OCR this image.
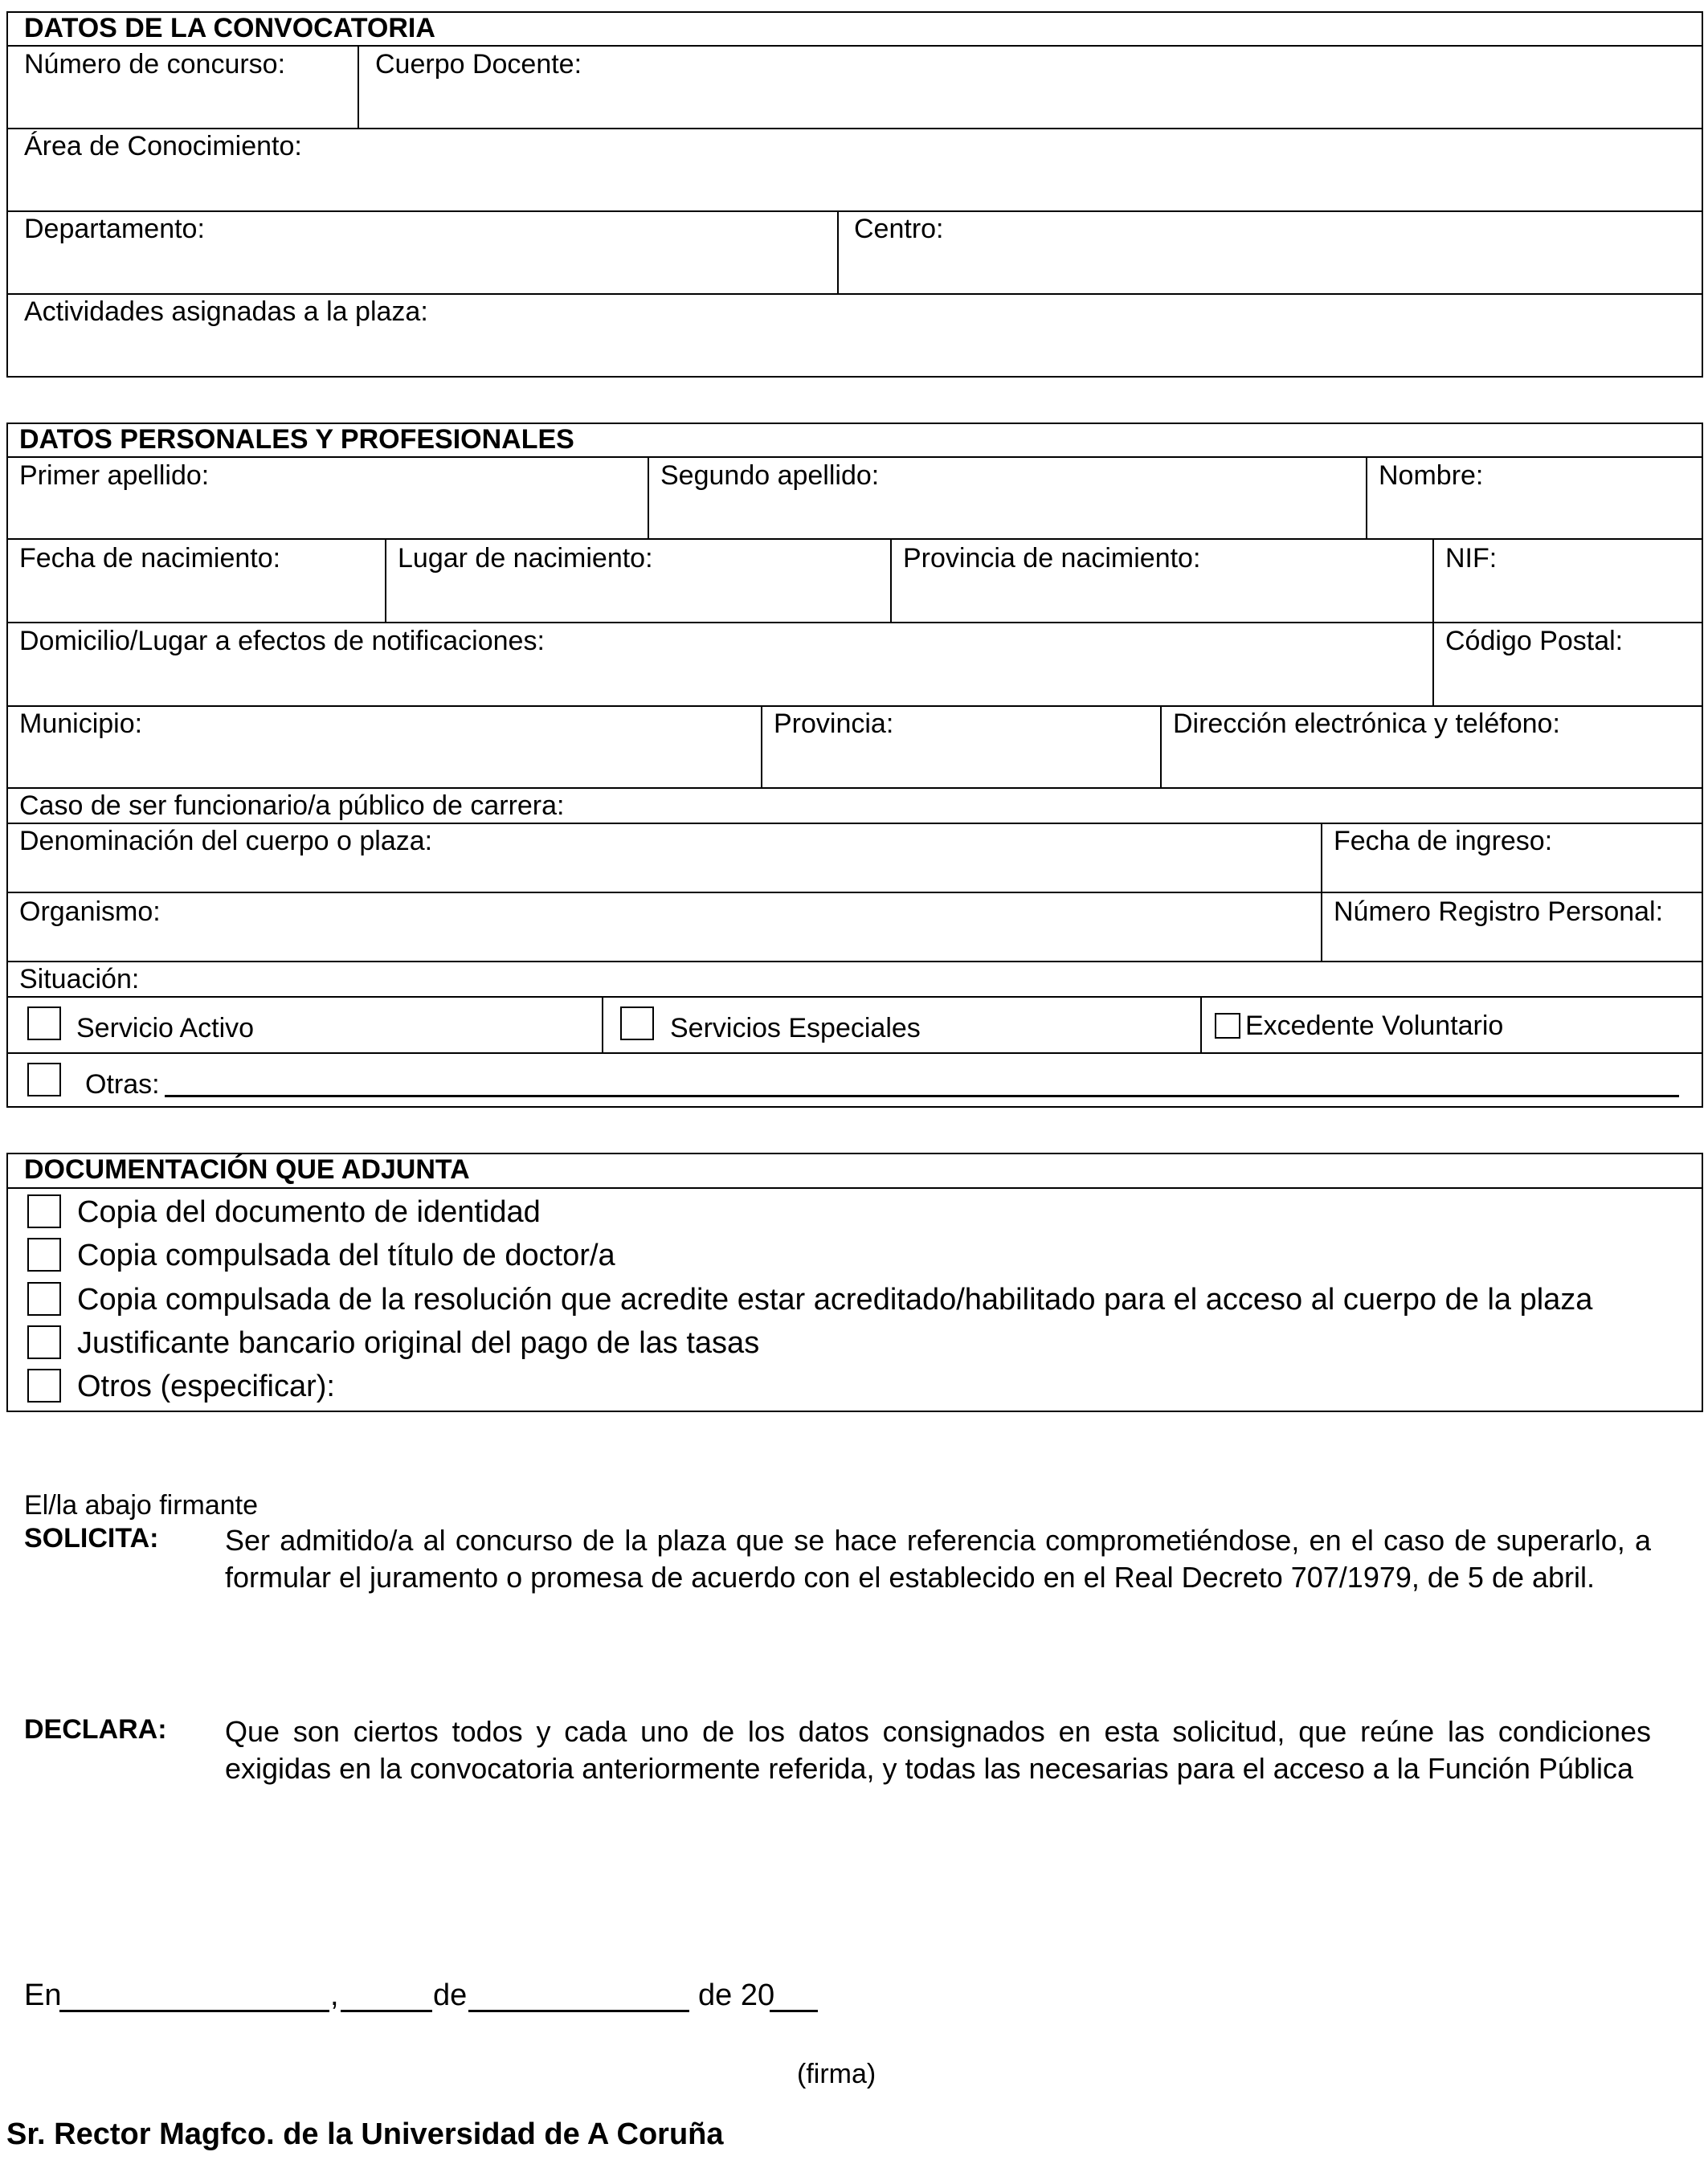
DATOS DE LA CONVOCATORIA
Número de concurso:	Cuerpo Docente:
Área de Conocimiento:
Departamento:	Centro:
Actividades asignadas a la plaza:
DATOS PERSONALES Y PROFESIONALES
Primer apellido:	Segundo apellido:	Nombre:
Fecha de nacimiento:	Lugar de nacimiento:	Provincia de nacimiento:	NIF:
Domicilio/Lugar a efectos de notificaciones:	Código Postal:
Municipio:	Provincia:	Dirección electrónica y teléfono:
Caso de ser funcionario/a público de carrera:
Denominación del cuerpo o plaza:	Fecha de ingreso:
Organismo:	Número Registro Personal:
Situación:
Servicio Activo	Servicios Especiales	Excedente Voluntario
Otras:
DOCUMENTACIÓN QUE ADJUNTA
Copia del documento de identidad
Copia compulsada del título de doctor/a
Copia compulsada de la resolución que acredite estar acreditado/habilitado para el acceso al cuerpo de la plaza
Justificante bancario original del pago de las tasas
Otros (especificar):
El/la abajo firmante
SOLICITA: Ser admitido/a al concurso de la plaza que se hace referencia comprometiéndose, en el caso de superarlo, a formular el juramento o promesa de acuerdo con el establecido en el Real Decreto 707/1979, de 5 de abril.
DECLARA: Que son ciertos todos y cada uno de los datos consignados en esta solicitud, que reúne las condiciones exigidas en la convocatoria anteriormente referida, y todas las necesarias para el acceso a la Función Pública
En	,	de	de 20
(firma)
Sr. Rector Magfco. de la Universidad de A Coruña
